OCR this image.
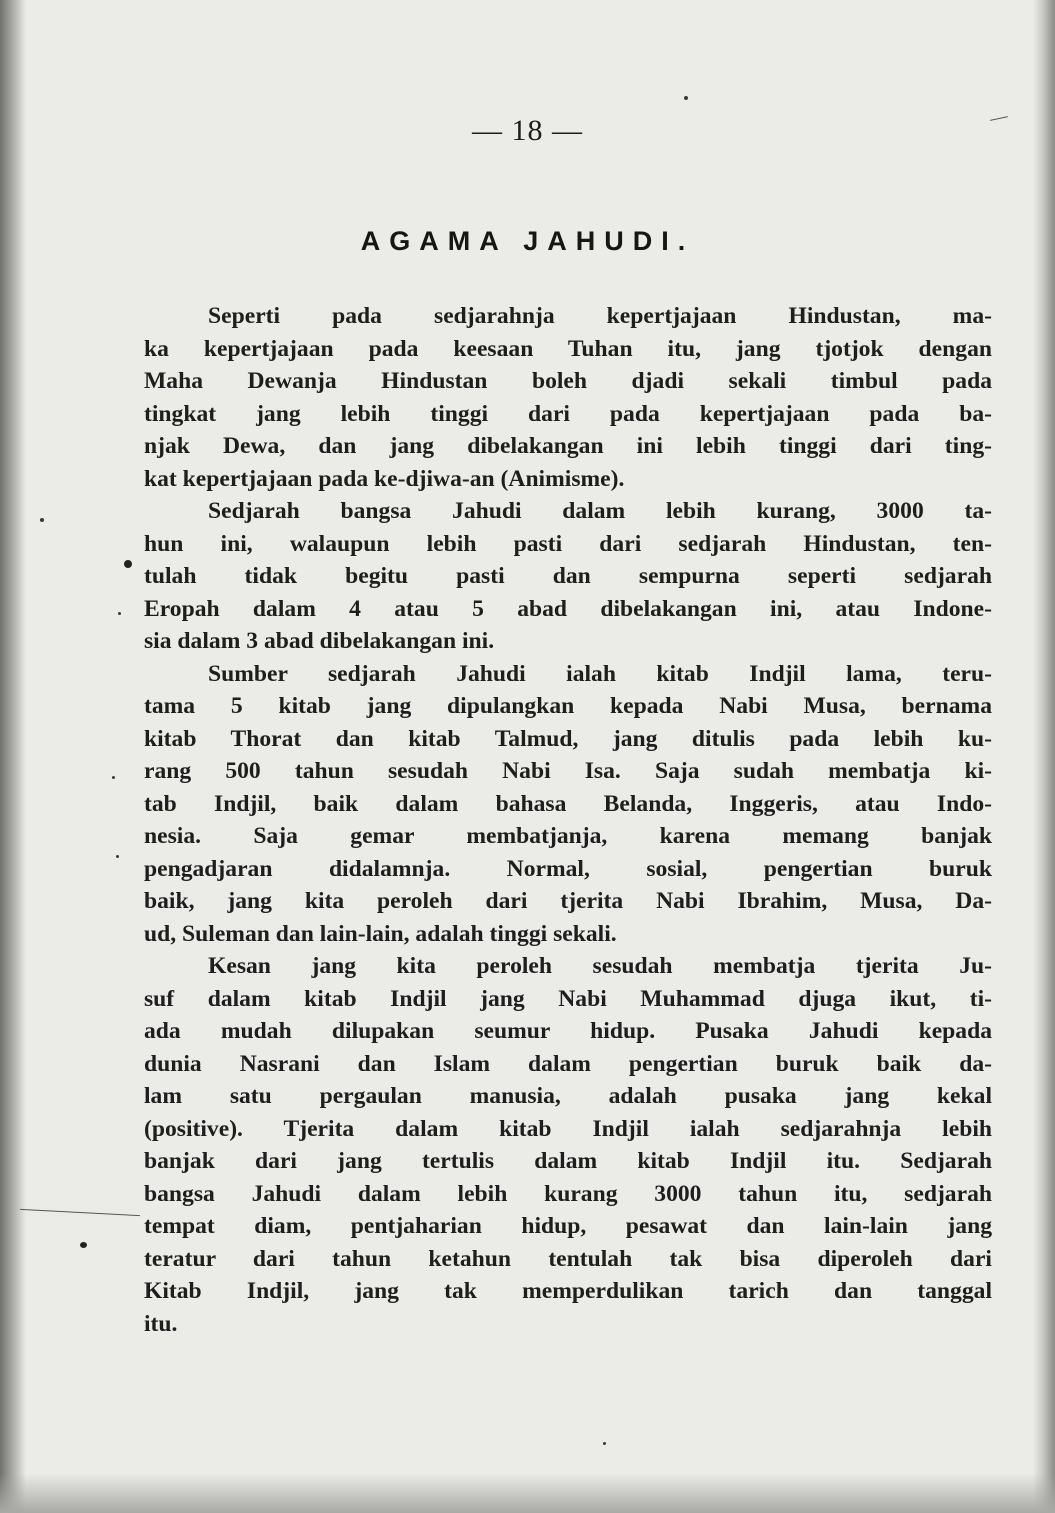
— 18 —
AGAMA JAHUDI.
Seperti pada sedjarahnja kepertjajaan Hindustan, ma-
ka kepertjajaan pada keesaan Tuhan itu, jang tjotjok dengan
Maha Dewanja Hindustan boleh djadi sekali timbul pada
tingkat jang lebih tinggi dari pada kepertjajaan pada ba-
njak Dewa, dan jang dibelakangan ini lebih tinggi dari ting-
kat kepertjajaan pada ke-djiwa-an (Animisme).
Sedjarah bangsa Jahudi dalam lebih kurang, 3000 ta-
hun ini, walaupun lebih pasti dari sedjarah Hindustan, ten-
tulah tidak begitu pasti dan sempurna seperti sedjarah
Eropah dalam 4 atau 5 abad dibelakangan ini, atau Indone-
sia dalam 3 abad dibelakangan ini.
Sumber sedjarah Jahudi ialah kitab Indjil lama, teru-
tama 5 kitab jang dipulangkan kepada Nabi Musa, bernama
kitab Thorat dan kitab Talmud, jang ditulis pada lebih ku-
rang 500 tahun sesudah Nabi Isa. Saja sudah membatja ki-
tab Indjil, baik dalam bahasa Belanda, Inggeris, atau Indo-
nesia. Saja gemar membatjanja, karena memang banjak
pengadjaran didalamnja. Normal, sosial, pengertian buruk
baik, jang kita peroleh dari tjerita Nabi Ibrahim, Musa, Da-
ud, Suleman dan lain-lain, adalah tinggi sekali.
Kesan jang kita peroleh sesudah membatja tjerita Ju-
suf dalam kitab Indjil jang Nabi Muhammad djuga ikut, ti-
ada mudah dilupakan seumur hidup. Pusaka Jahudi kepada
dunia Nasrani dan Islam dalam pengertian buruk baik da-
lam satu pergaulan manusia, adalah pusaka jang kekal
(positive). Tjerita dalam kitab Indjil ialah sedjarahnja lebih
banjak dari jang tertulis dalam kitab Indjil itu. Sedjarah
bangsa Jahudi dalam lebih kurang 3000 tahun itu, sedjarah
tempat diam, pentjaharian hidup, pesawat dan lain-lain jang
teratur dari tahun ketahun tentulah tak bisa diperoleh dari
Kitab Indjil, jang tak memperdulikan tarich dan tanggal
itu.
